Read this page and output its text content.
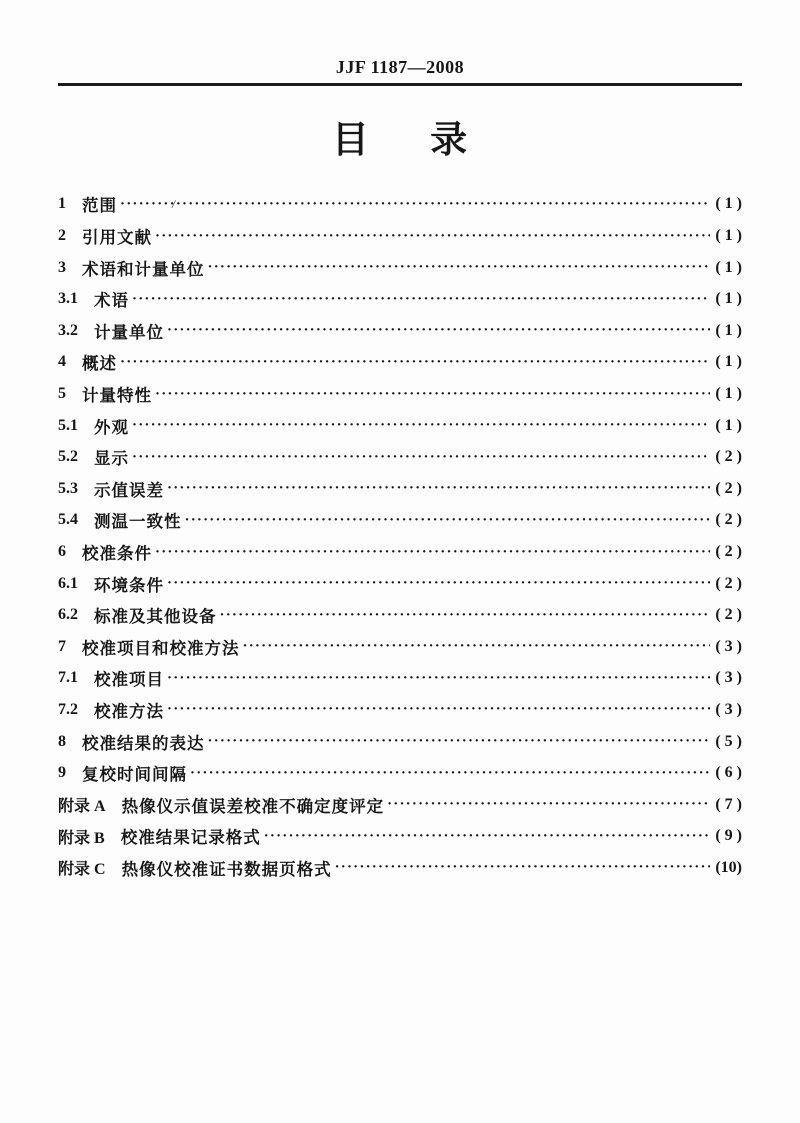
JJF 1187—2008
目 录
1 范围 ·····	( 1 )
2 引用文献 ·····	( 1 )
3 术语和计量单位 ·····	( 1 )
3.1 术语 ·····	( 1 )
3.2 计量单位 ·····	( 1 )
4 概述 ·····	( 1 )
5 计量特性 ·····	( 1 )
5.1 外观 ·····	( 1 )
5.2 显示 ·····	( 2 )
5.3 示值误差 ·····	( 2 )
5.4 测温一致性 ·····	( 2 )
6 校准条件 ·····	( 2 )
6.1 环境条件 ·····	( 2 )
6.2 标准及其他设备 ·····	( 2 )
7 校准项目和校准方法 ·····	( 3 )
7.1 校准项目 ·····	( 3 )
7.2 校准方法 ·····	( 3 )
8 校准结果的表达 ·····	( 5 )
9 复校时间间隔 ·····	( 6 )
附录 A 热像仪示值误差校准不确定度评定 ·····	( 7 )
附录 B 校准结果记录格式 ·····	( 9 )
附录 C 热像仪校准证书数据页格式 ·····	(10)
/
